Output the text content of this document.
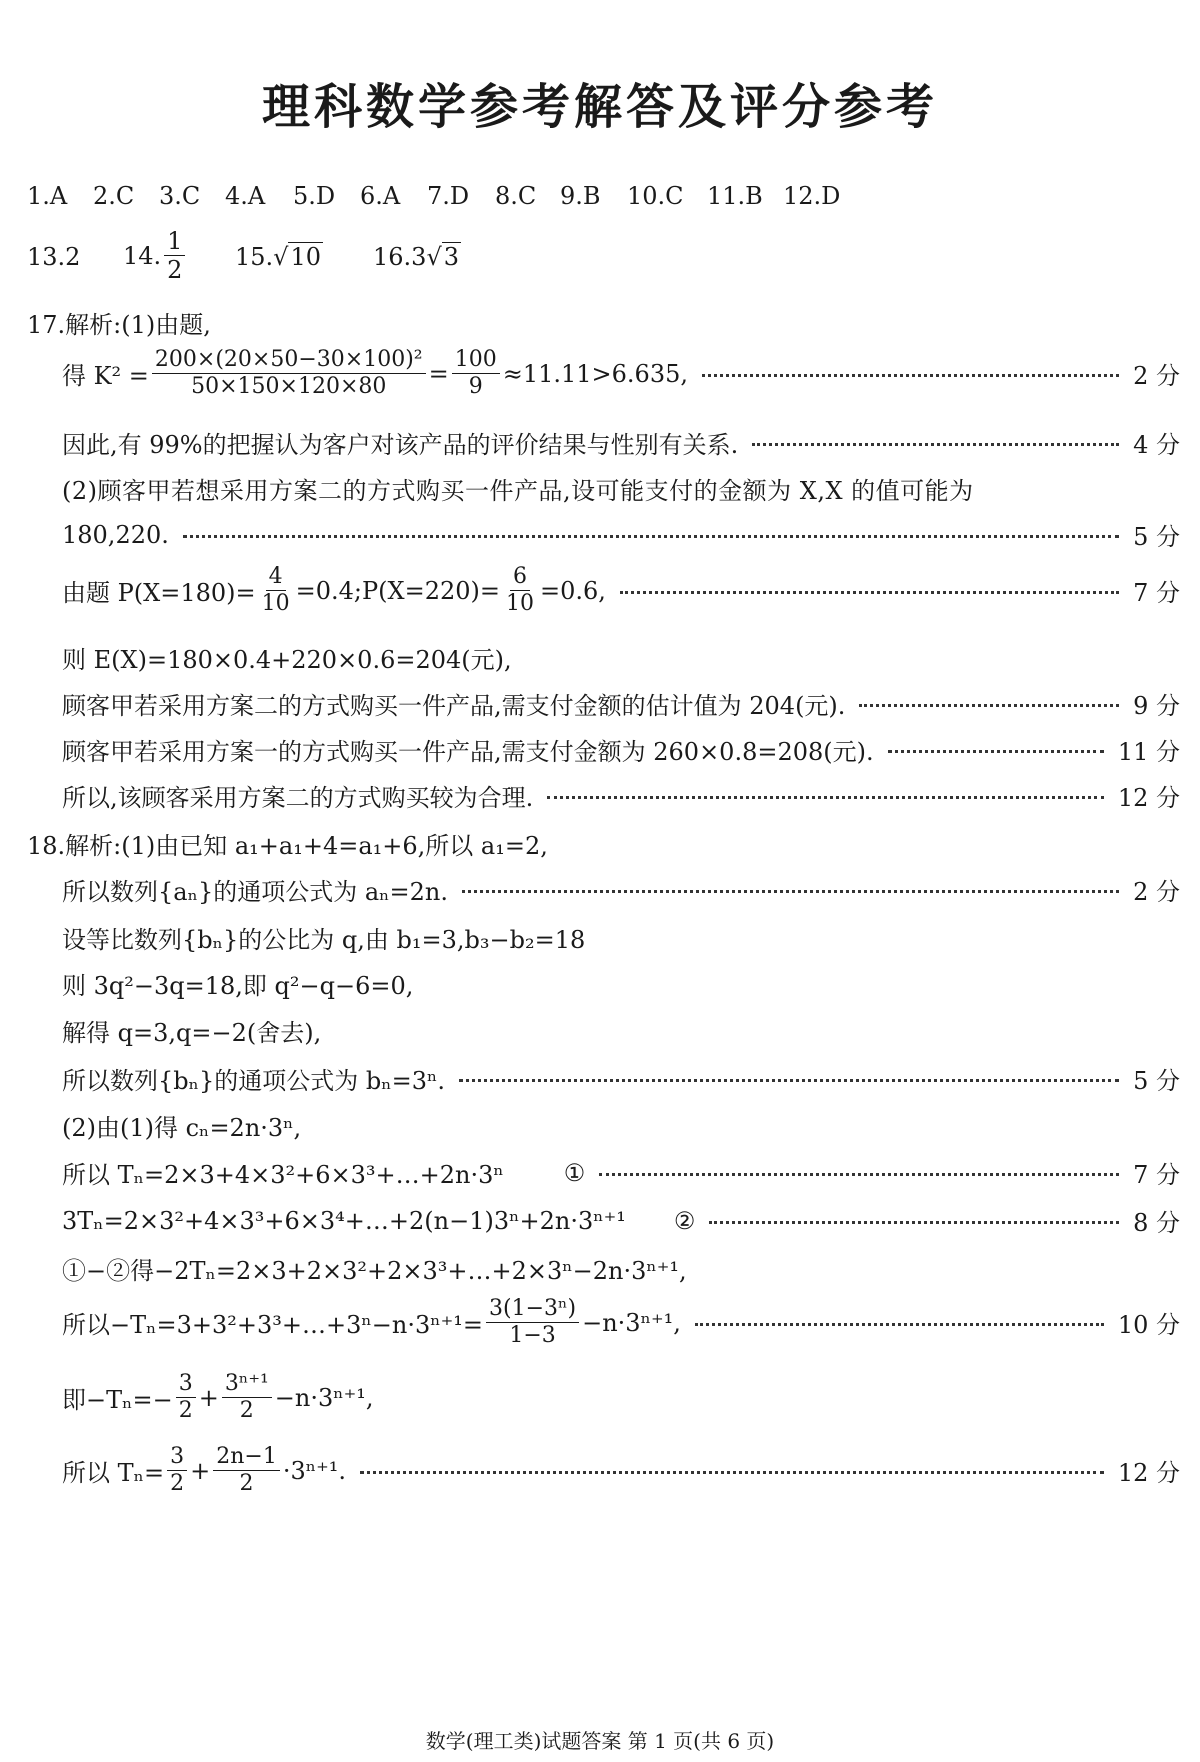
理科数学参考解答及评分参考
1.A 2.C 3.C 4.A 5.D 6.A 7.D 8.C 9.B 10.C 11.B 12.D
13.2 14. $\frac{1}{2} 15.√10$ 16.3√3
17.解析:(1)由题,
得 $K^2 = \frac{\text{200×(20×50−30×100)²}}{50\times 150\times 120\times 80} = \frac{100}{9} \approx 11.11>6.635$,	2 分
因此,有 99%的把握认为客户对该产品的评价结果与性别有关系.	4 分
(2)顾客甲若想采用方案二的方式购买一件产品,设可能支付的金额为 X,X 的值可能为
180,220.	5 分
由题 $P(X=180)= \frac{4}{10}$ =0.4;P(X=220)= $\frac{6}{10} =0.6$,	7 分
则 E(X)=180×0.4+220×0.6=204(元),
顾客甲若采用方案二的方式购买一件产品,需支付金额的估计值为 204(元).	9 分
顾客甲若采用方案一的方式购买一件产品,需支付金额为 260×0.8=208(元).	11 分
所以,该顾客采用方案二的方式购买较为合理.	12 分
18.解析:(1)由已知 a₁+a₁+4=a₁+6,所以 a₁=2,
所以数列{aₙ}的通项公式为 aₙ=2n.	2 分
设等比数列{bₙ}的公比为 q,由 b₁=3,b₃−b₂=18
则 3q²−3q=18,即 q²−q−6=0,
解得 q=3,q=−2(舍去),
所以数列{bₙ}的通项公式为 bₙ=3ⁿ.	5 分
(2)由(1)得 cₙ=2n·3ⁿ,
所以 Tₙ=2×3+4×3²+6×3³+…+2n·3ⁿ	①	7 分
3Tₙ=2×3²+4×3³+6×3⁴+…+2(n−1)3ⁿ+2n·3ⁿ⁺¹ ②	8 分
①−②得−2Tₙ=2×3+2×3²+2×3³+…+2×3ⁿ−2n·3ⁿ⁺¹,
所以−Tₙ=3+3²+3³+…+3ⁿ−n·3ⁿ⁺¹= $\frac{\text{3(1−3ⁿ)}}{1-3} -n\cdot 3^{n+1}$,	10 分
即$-T_n=- \frac{3}{2} + \frac{\text{3ⁿ⁺¹}}{2} -n\cdot 3^{n+1}$,
所以 $T_n= \frac{3}{2} + \frac{2n-1}{2} \cdot 3^{n+1}$.	12 分
数学(理工类)试题答案 第 1 页(共 6 页)
